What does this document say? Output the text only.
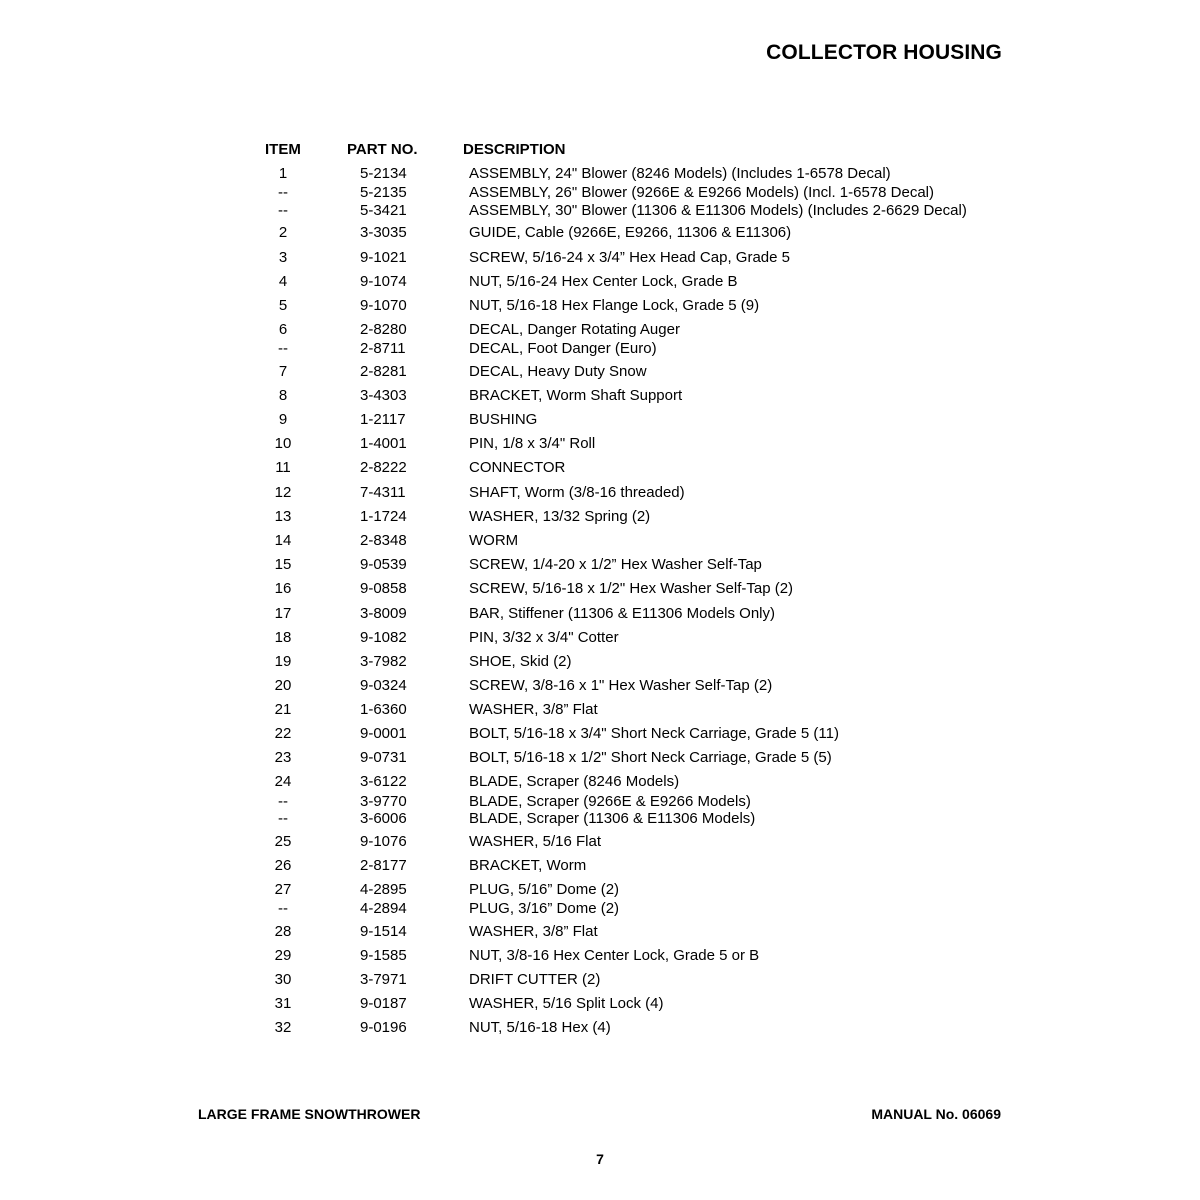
COLLECTOR HOUSING
ITEM	PART NO.	DESCRIPTION
1	5-2134	ASSEMBLY, 24" Blower (8246 Models) (Includes 1-6578 Decal)
--	5-2135	ASSEMBLY, 26" Blower (9266E & E9266 Models) (Incl. 1-6578 Decal)
--	5-3421	ASSEMBLY, 30" Blower (11306 & E11306 Models) (Includes 2-6629 Decal)
2	3-3035	GUIDE, Cable (9266E, E9266, 11306 & E11306)
3	9-1021	SCREW, 5/16-24 x 3/4” Hex Head Cap, Grade 5
4	9-1074	NUT, 5/16-24 Hex Center Lock, Grade B
5	9-1070	NUT, 5/16-18 Hex Flange Lock, Grade 5 (9)
6	2-8280	DECAL, Danger Rotating Auger
--	2-8711	DECAL, Foot Danger (Euro)
7	2-8281	DECAL, Heavy Duty Snow
8	3-4303	BRACKET, Worm Shaft Support
9	1-2117	BUSHING
10	1-4001	PIN, 1/8 x 3/4" Roll
11	2-8222	CONNECTOR
12	7-4311	SHAFT, Worm (3/8-16 threaded)
13	1-1724	WASHER, 13/32 Spring (2)
14	2-8348	WORM
15	9-0539	SCREW, 1/4-20 x 1/2” Hex Washer Self-Tap
16	9-0858	SCREW, 5/16-18 x 1/2" Hex Washer Self-Tap (2)
17	3-8009	BAR, Stiffener (11306 & E11306 Models Only)
18	9-1082	PIN, 3/32 x 3/4" Cotter
19	3-7982	SHOE, Skid (2)
20	9-0324	SCREW, 3/8-16 x 1" Hex Washer Self-Tap (2)
21	1-6360	WASHER, 3/8” Flat
22	9-0001	BOLT, 5/16-18 x 3/4" Short Neck Carriage, Grade 5 (11)
23	9-0731	BOLT, 5/16-18 x 1/2" Short Neck Carriage, Grade 5 (5)
24	3-6122	BLADE, Scraper (8246 Models)
--	3-9770	BLADE, Scraper (9266E & E9266 Models)
--	3-6006	BLADE, Scraper (11306 & E11306 Models)
25	9-1076	WASHER, 5/16 Flat
26	2-8177	BRACKET, Worm
27	4-2895	PLUG, 5/16” Dome (2)
--	4-2894	PLUG, 3/16” Dome (2)
28	9-1514	WASHER, 3/8” Flat
29	9-1585	NUT, 3/8-16 Hex Center Lock, Grade 5 or B
30	3-7971	DRIFT CUTTER (2)
31	9-0187	WASHER, 5/16 Split Lock (4)
32	9-0196	NUT, 5/16-18 Hex (4)
LARGE FRAME SNOWTHROWER	MANUAL No. 06069
7
